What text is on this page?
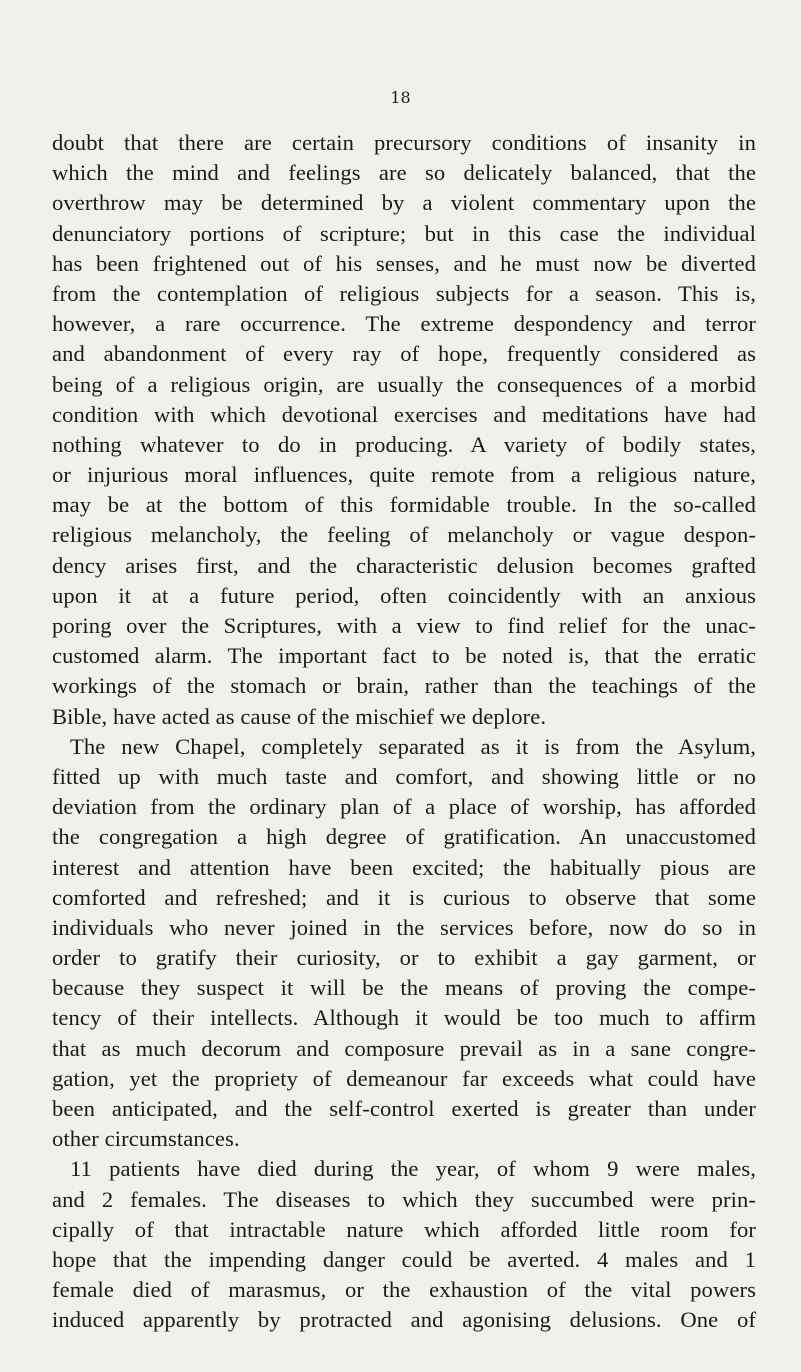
18
doubt that there are certain precursory conditions of insanity in
which the mind and feelings are so delicately balanced, that the
overthrow may be determined by a violent commentary upon the
denunciatory portions of scripture; but in this case the individual
has been frightened out of his senses, and he must now be diverted
from the contemplation of religious subjects for a season. This is,
however, a rare occurrence. The extreme despondency and terror
and abandonment of every ray of hope, frequently considered as
being of a religious origin, are usually the consequences of a morbid
condition with which devotional exercises and meditations have had
nothing whatever to do in producing. A variety of bodily states,
or injurious moral influences, quite remote from a religious nature,
may be at the bottom of this formidable trouble. In the so-called
religious melancholy, the feeling of melancholy or vague despon-
dency arises first, and the characteristic delusion becomes grafted
upon it at a future period, often coincidently with an anxious
poring over the Scriptures, with a view to find relief for the unac-
customed alarm. The important fact to be noted is, that the erratic
workings of the stomach or brain, rather than the teachings of the
Bible, have acted as cause of the mischief we deplore.
The new Chapel, completely separated as it is from the Asylum,
fitted up with much taste and comfort, and showing little or no
deviation from the ordinary plan of a place of worship, has afforded
the congregation a high degree of gratification. An unaccustomed
interest and attention have been excited; the habitually pious are
comforted and refreshed; and it is curious to observe that some
individuals who never joined in the services before, now do so in
order to gratify their curiosity, or to exhibit a gay garment, or
because they suspect it will be the means of proving the compe-
tency of their intellects. Although it would be too much to affirm
that as much decorum and composure prevail as in a sane congre-
gation, yet the propriety of demeanour far exceeds what could have
been anticipated, and the self-control exerted is greater than under
other circumstances.
11 patients have died during the year, of whom 9 were males,
and 2 females. The diseases to which they succumbed were prin-
cipally of that intractable nature which afforded little room for
hope that the impending danger could be averted. 4 males and 1
female died of marasmus, or the exhaustion of the vital powers
induced apparently by protracted and agonising delusions. One of
